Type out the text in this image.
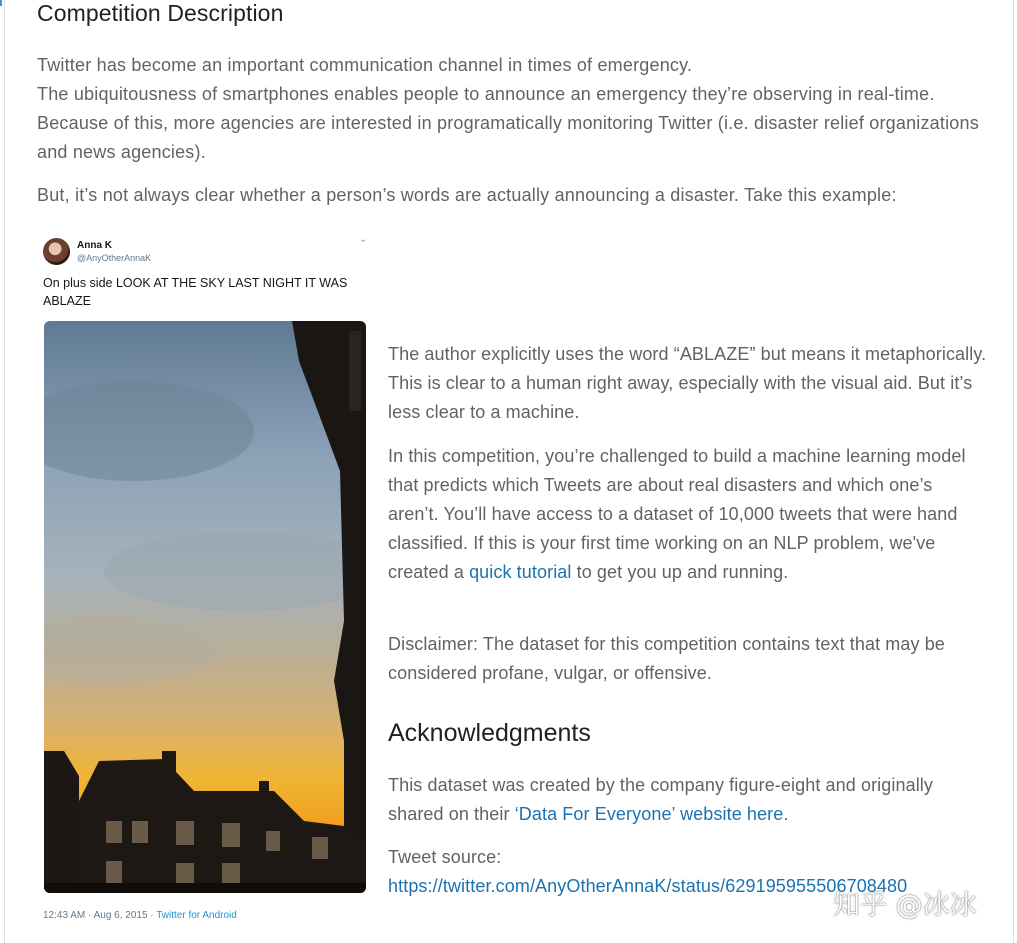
Competition Description

Twitter has become an important communication channel in times of emergency.
The ubiquitousness of smartphones enables people to announce an emergency they’re observing in real-time. Because of this, more agencies are interested in programatically monitoring Twitter (i.e. disaster relief organizations and news agencies).

But, it’s not always clear whether a person’s words are actually announcing a disaster. Take this example:

Anna K
@AnyOtherAnnaK
⌄

On plus side LOOK AT THE SKY LAST NIGHT IT WAS ABLAZE

12:43 AM · Aug 6, 2015 · Twitter for Android

The author explicitly uses the word “ABLAZE” but means it metaphorically. This is clear to a human right away, especially with the visual aid. But it’s less clear to a machine.

In this competition, you’re challenged to build a machine learning model that predicts which Tweets are about real disasters and which one’s aren’t. You’ll have access to a dataset of 10,000 tweets that were hand classified. If this is your first time working on an NLP problem, we've created a quick tutorial to get you up and running.

Disclaimer: The dataset for this competition contains text that may be considered profane, vulgar, or offensive.

Acknowledgments

This dataset was created by the company figure-eight and originally shared on their ‘Data For Everyone’ website here.

Tweet source:
https://twitter.com/AnyOtherAnnaK/status/629195955506708480

知乎 @冰冰
